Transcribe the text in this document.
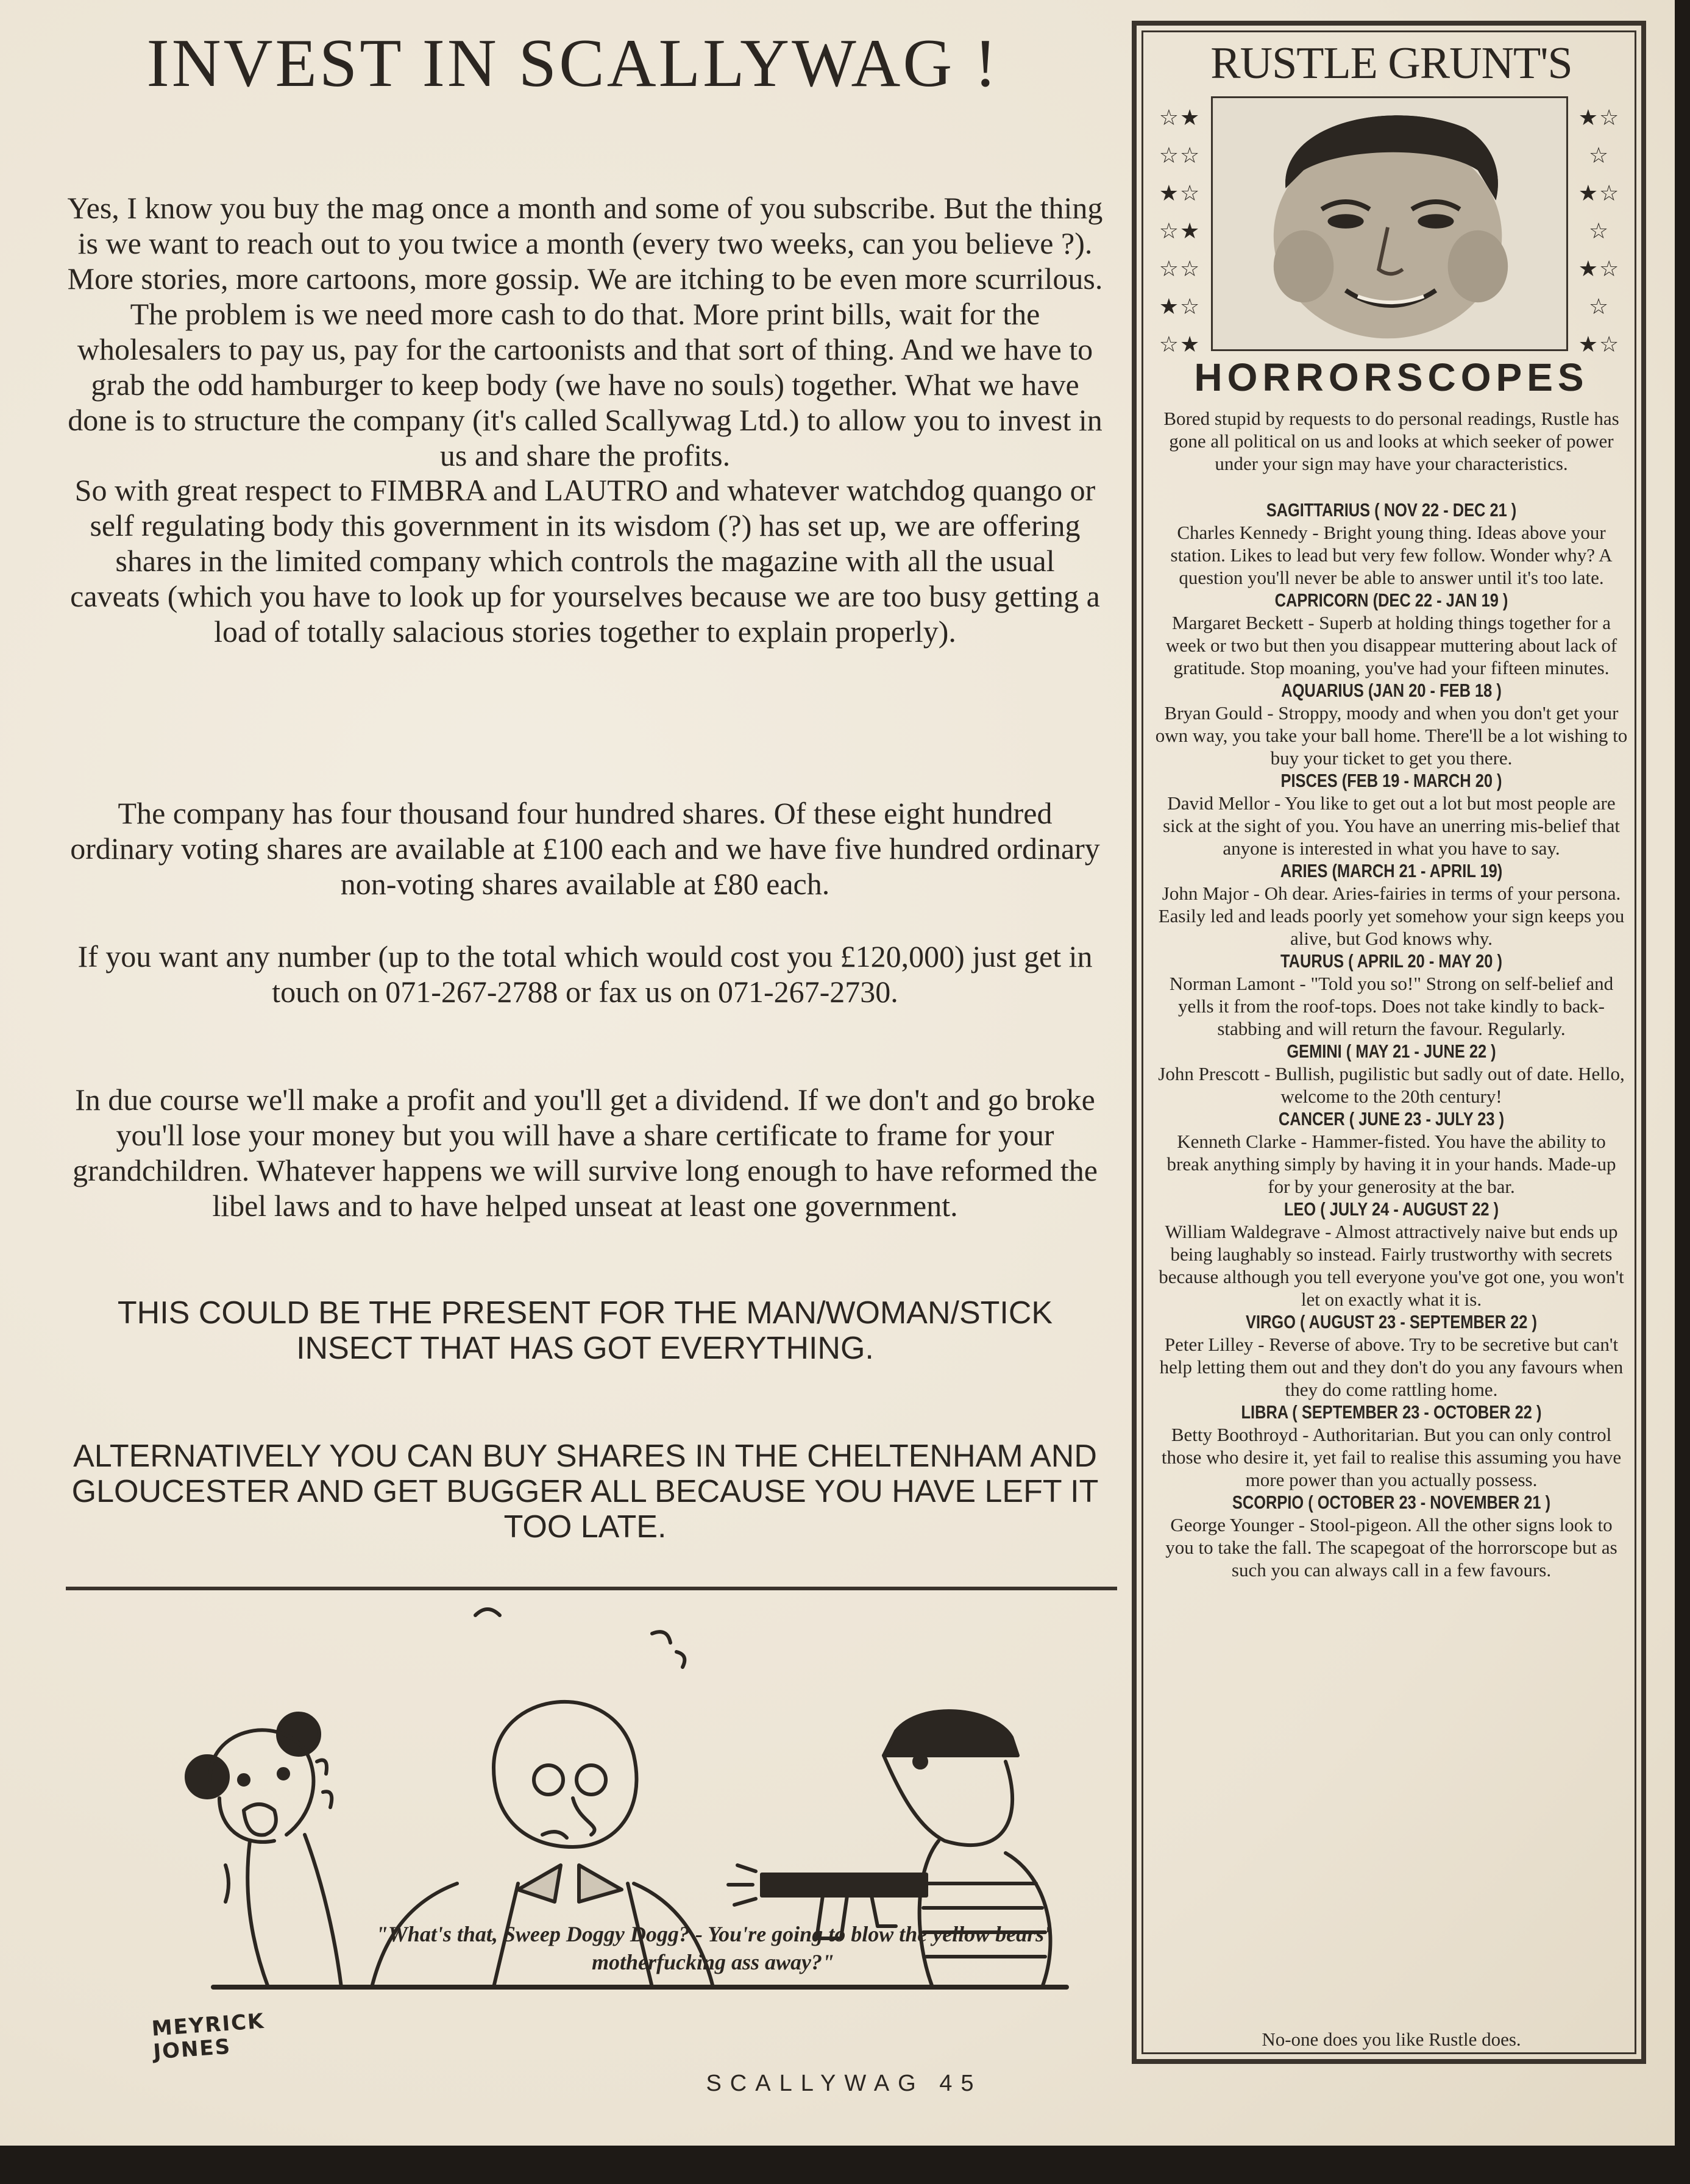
INVEST IN SCALLYWAG !

Yes, I know you buy the mag once a month and some of you subscribe. But the thing is we want to reach out to you twice a month (every two weeks, can you believe ?). More stories, more cartoons, more gossip. We are itching to be even more scurrilous. The problem is we need more cash to do that. More print bills, wait for the wholesalers to pay us, pay for the cartoonists and that sort of thing. And we have to grab the odd hamburger to keep body (we have no souls) together. What we have done is to structure the company (it's called Scallywag Ltd.) to allow you to invest in us and share the profits.

So with great respect to FIMBRA and LAUTRO and whatever watchdog quango or self regulating body this government in its wisdom (?) has set up, we are offering shares in the limited company which controls the magazine with all the usual caveats (which you have to look up for yourselves because we are too busy getting a load of totally salacious stories together to explain properly).

The company has four thousand four hundred shares. Of these eight hundred ordinary voting shares are available at £100 each and we have five hundred ordinary non-voting shares available at £80 each.

If you want any number (up to the total which would cost you £120,000) just get in touch on 071-267-2788 or fax us on 071-267-2730.

In due course we'll make a profit and you'll get a dividend. If we don't and go broke you'll lose your money but you will have a share certificate to frame for your grandchildren. Whatever happens we will survive long enough to have reformed the libel laws and to have helped unseat at least one government.

THIS COULD BE THE PRESENT FOR THE MAN/WOMAN/STICK INSECT THAT HAS GOT EVERYTHING.

ALTERNATIVELY YOU CAN BUY SHARES IN THE CHELTENHAM AND GLOUCESTER AND GET BUGGER ALL BECAUSE YOU HAVE LEFT IT TOO LATE.

MEYRICK JONES
"What's that, Sweep Doggy Dogg? - You're going to blow the yellow bears' motherfucking ass away?"
SCALLYWAG 45
RUSTLE GRUNT'S
☆★
☆☆
★☆
☆★
☆☆
★☆
☆★
★☆
☆
★☆
☆
★☆
☆
★☆
HORRORSCOPES
Bored stupid by requests to do personal readings, Rustle has gone all political on us and looks at which seeker of power under your sign may have your characteristics.

SAGITTARIUS ( NOV 22 - DEC 21 )

Charles Kennedy - Bright young thing. Ideas above your station. Likes to lead but very few follow. Wonder why? A question you'll never be able to answer until it's too late.

CAPRICORN (DEC 22 - JAN 19 )

Margaret Beckett - Superb at holding things together for a week or two but then you disappear muttering about lack of gratitude. Stop moaning, you've had your fifteen minutes.

AQUARIUS (JAN 20 - FEB 18 )

Bryan Gould - Stroppy, moody and when you don't get your own way, you take your ball home. There'll be a lot wishing to buy your ticket to get you there.

PISCES (FEB 19 - MARCH 20 )

David Mellor - You like to get out a lot but most people are sick at the sight of you. You have an unerring mis-belief that anyone is interested in what you have to say.

ARIES (MARCH 21 - APRIL 19)

John Major - Oh dear. Aries-fairies in terms of your persona. Easily led and leads poorly yet somehow your sign keeps you alive, but God knows why.

TAURUS ( APRIL 20 - MAY 20 )

Norman Lamont - "Told you so!" Strong on self-belief and yells it from the roof-tops. Does not take kindly to back-stabbing and will return the favour. Regularly.

GEMINI ( MAY 21 - JUNE 22 )

John Prescott - Bullish, pugilistic but sadly out of date. Hello, welcome to the 20th century!

CANCER ( JUNE 23 - JULY 23 )

Kenneth Clarke - Hammer-fisted. You have the ability to break anything simply by having it in your hands. Made-up for by your generosity at the bar.

LEO ( JULY 24 - AUGUST 22 )

William Waldegrave - Almost attractively naive but ends up being laughably so instead. Fairly trustworthy with secrets because although you tell everyone you've got one, you won't let on exactly what it is.

VIRGO ( AUGUST 23 - SEPTEMBER 22 )

Peter Lilley - Reverse of above. Try to be secretive but can't help letting them out and they don't do you any favours when they do come rattling home.

LIBRA ( SEPTEMBER 23 - OCTOBER 22 )

Betty Boothroyd - Authoritarian. But you can only control those who desire it, yet fail to realise this assuming you have more power than you actually possess.

SCORPIO ( OCTOBER 23 - NOVEMBER 21 )

George Younger - Stool-pigeon. All the other signs look to you to take the fall. The scapegoat of the horrorscope but as such you can always call in a few favours.

No-one does you like Rustle does.
